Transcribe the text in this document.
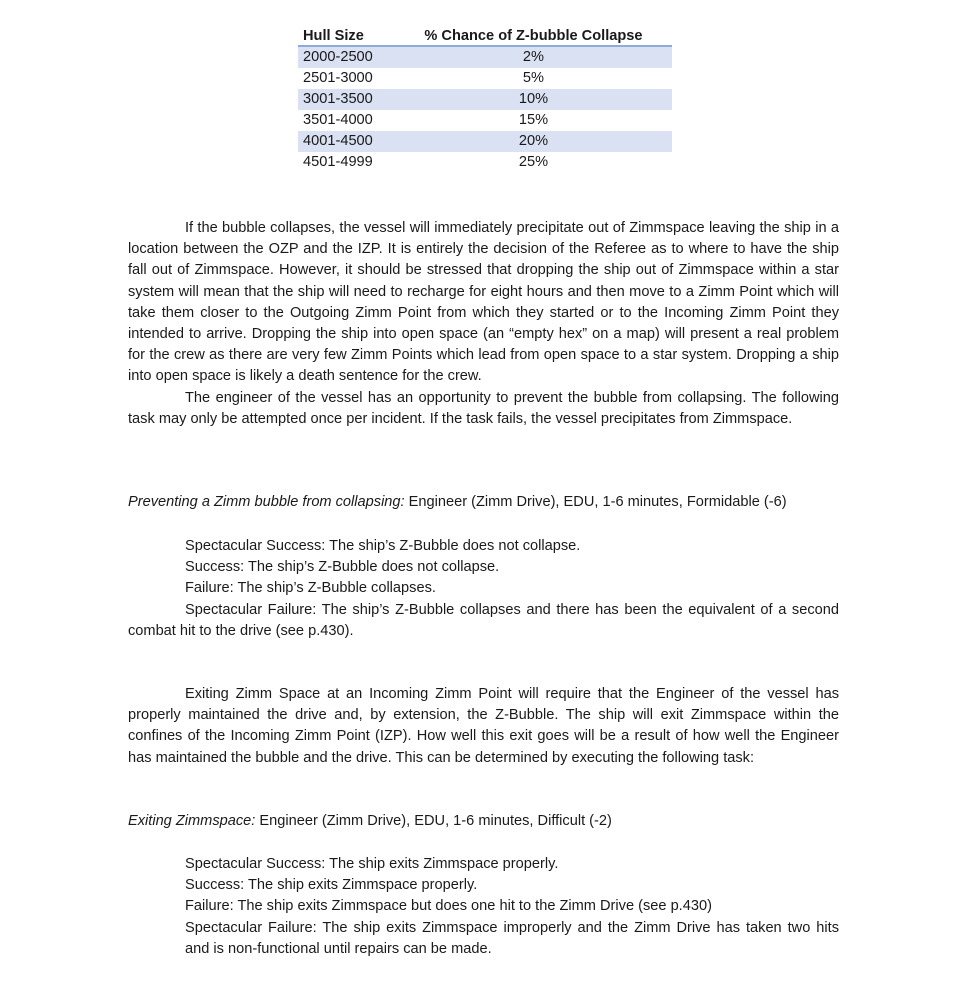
Hull Size	% Chance of Z-bubble Collapse
2000-2500	2%
2501-3000	5%
3001-3500	10%
3501-4000	15%
4001-4500	20%
4501-4999	25%

If the bubble collapses, the vessel will immediately precipitate out of Zimmspace leaving the ship in a location between the OZP and the IZP. It is entirely the decision of the Referee as to where to have the ship fall out of Zimmspace. However, it should be stressed that dropping the ship out of Zimmspace within a star system will mean that the ship will need to recharge for eight hours and then move to a Zimm Point which will take them closer to the Outgoing Zimm Point from which they started or to the Incoming Zimm Point they intended to arrive. Dropping the ship into open space (an “empty hex” on a map) will present a real problem for the crew as there are very few Zimm Points which lead from open space to a star system. Dropping a ship into open space is likely a death sentence for the crew.

The engineer of the vessel has an opportunity to prevent the bubble from collapsing. The following task may only be attempted once per incident. If the task fails, the vessel precipitates from Zimmspace.

Preventing a Zimm bubble from collapsing: Engineer (Zimm Drive), EDU, 1-6 minutes, Formidable (-6)

Spectacular Success: The ship’s Z-Bubble does not collapse.

Success: The ship’s Z-Bubble does not collapse.

Failure: The ship’s Z-Bubble collapses.

Spectacular Failure: The ship’s Z-Bubble collapses and there has been the equivalent of a second combat hit to the drive (see p.430).

Exiting Zimm Space at an Incoming Zimm Point will require that the Engineer of the vessel has properly maintained the drive and, by extension, the Z-Bubble. The ship will exit Zimmspace within the confines of the Incoming Zimm Point (IZP). How well this exit goes will be a result of how well the Engineer has maintained the bubble and the drive. This can be determined by executing the following task:

Exiting Zimmspace: Engineer (Zimm Drive), EDU, 1-6 minutes, Difficult (-2)

Spectacular Success: The ship exits Zimmspace properly.

Success: The ship exits Zimmspace properly.

Failure: The ship exits Zimmspace but does one hit to the Zimm Drive (see p.430)

Spectacular Failure: The ship exits Zimmspace improperly and the Zimm Drive has taken two hits and is non-functional until repairs can be made.
